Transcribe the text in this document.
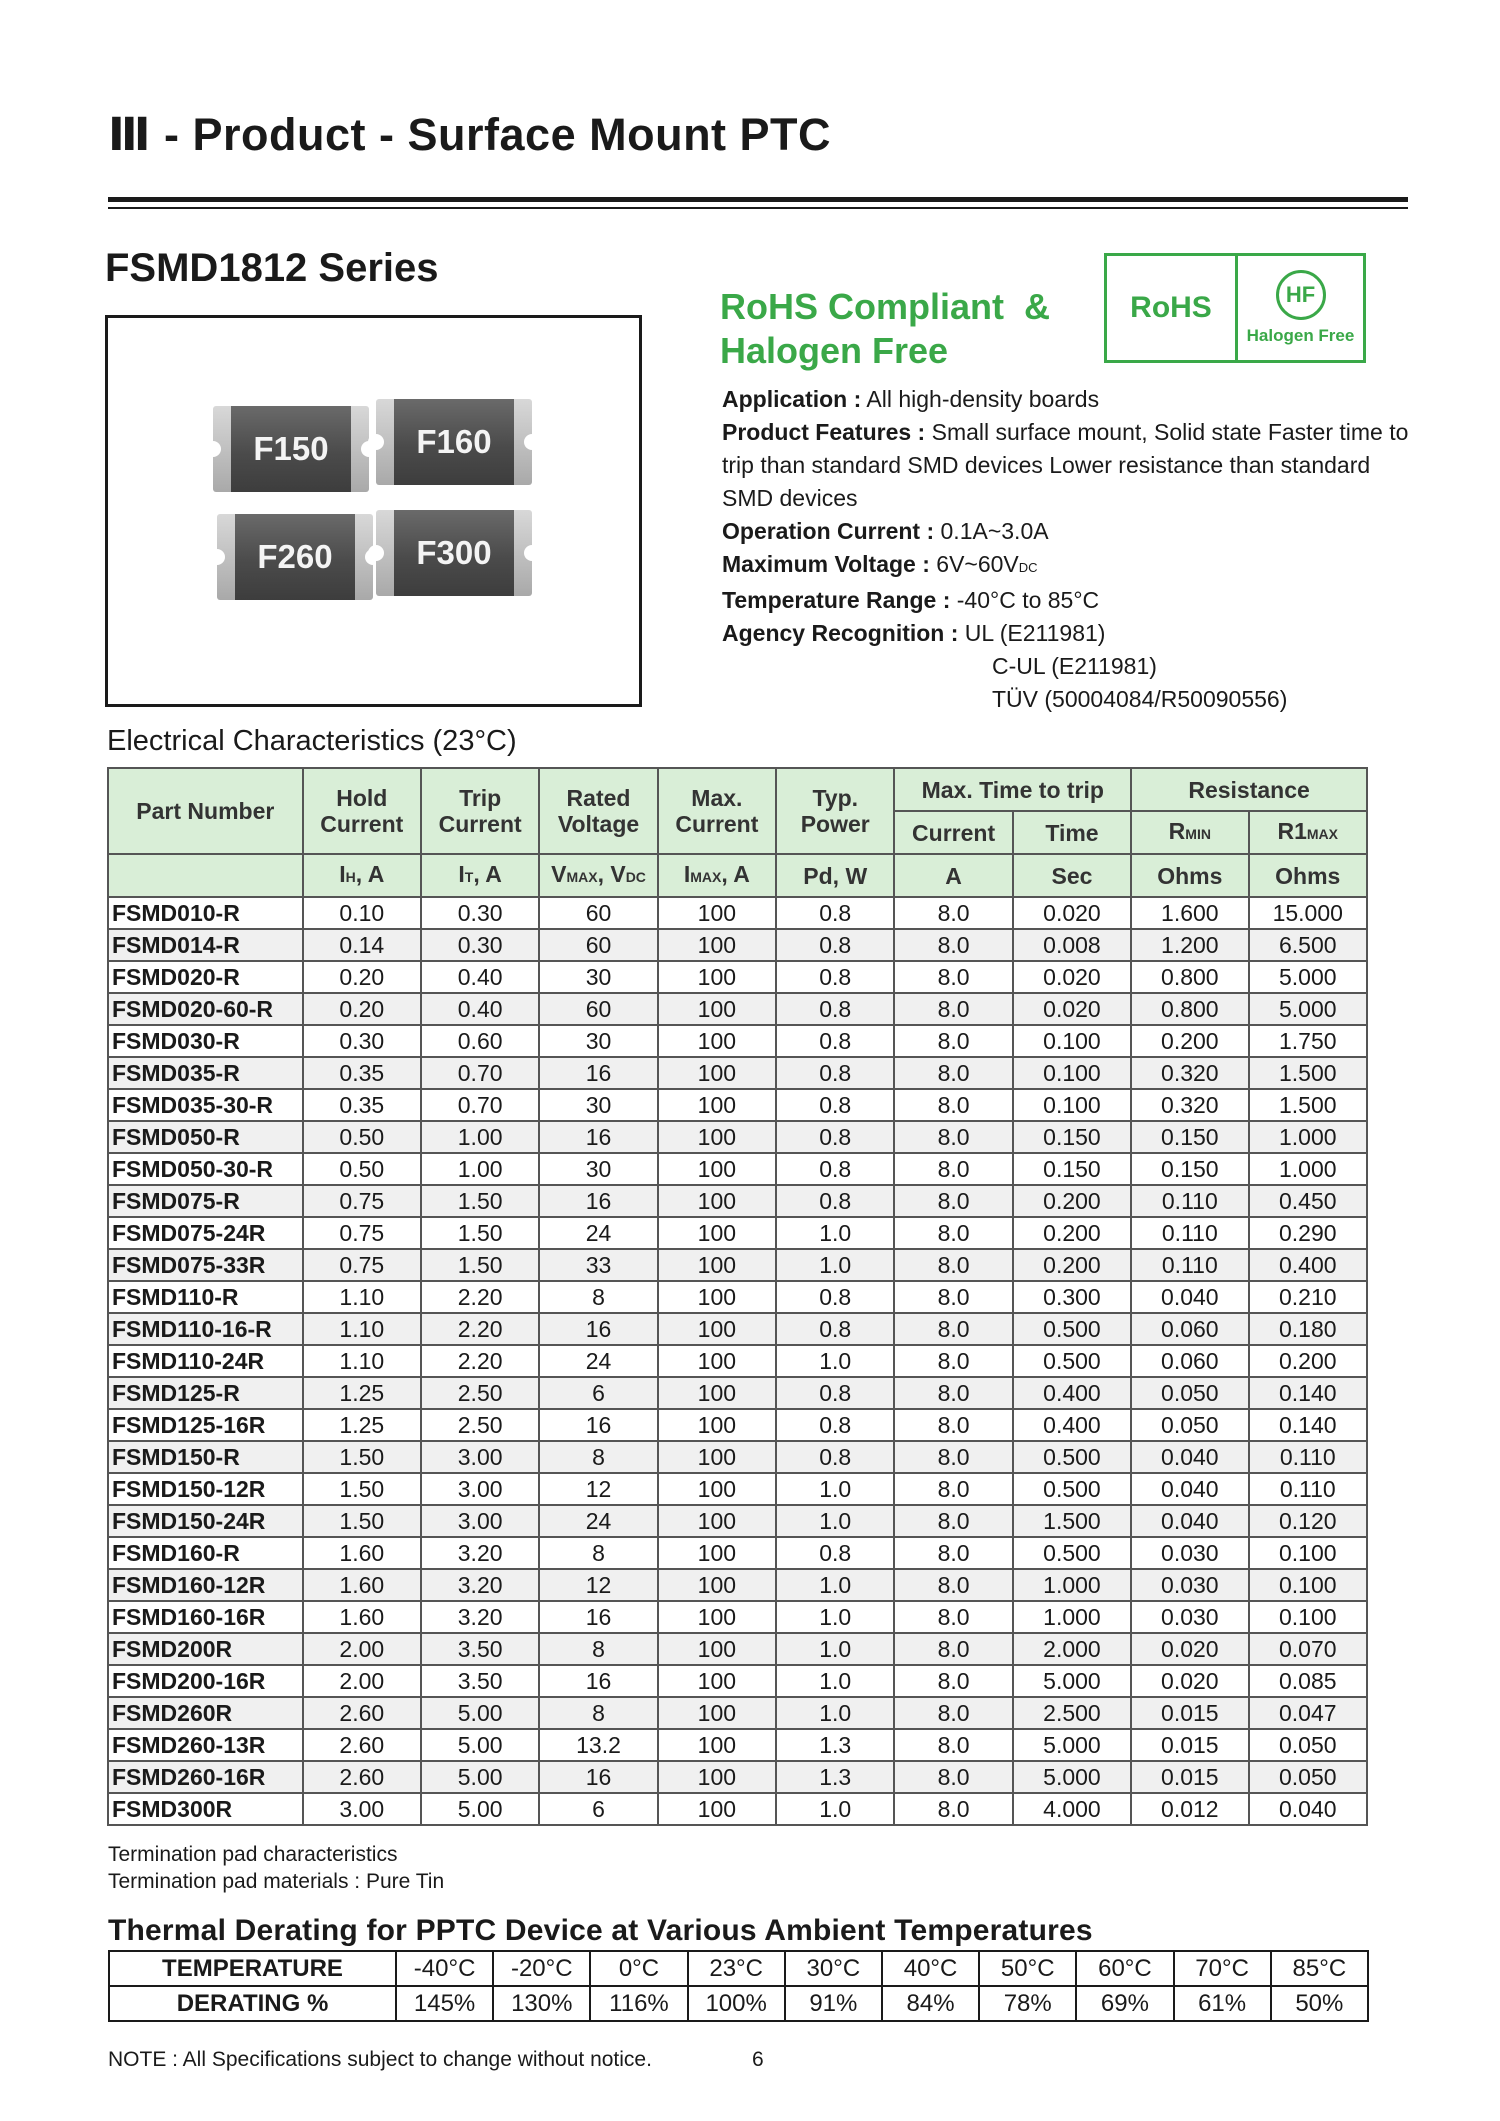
Ⅲ - Product - Surface Mount PTC
FSMD1812 Series
F150	F160
F260	F300
RoHS Compliant  &
Halogen Free
RoHS	HF
Halogen Free
Application : All high-density boards
Product Features : Small surface mount, Solid state Faster time to trip than standard SMD devices Lower resistance than standard SMD devices
Operation Current : 0.1A~3.0A
Maximum Voltage : 6V~60VDC
Temperature Range : -40°C to 85°C
Agency Recognition : UL (E211981)
C-UL (E211981)
TÜV (50004084/R50090556)
Electrical Characteristics (23°C)
Part Number	Hold Current	Trip Current	Rated Voltage	Max. Current	Typ. Power	Max. Time to trip		Resistance	
						Current	Time	RMIN	R1MAX
	IH, A	IT, A	VMAX, VDC	IMAX, A	Pd, W	A	Sec	Ohms	Ohms
FSMD010-R	0.10	0.30	60	100	0.8	8.0	0.020	1.600	15.000
FSMD014-R	0.14	0.30	60	100	0.8	8.0	0.008	1.200	6.500
FSMD020-R	0.20	0.40	30	100	0.8	8.0	0.020	0.800	5.000
FSMD020-60-R	0.20	0.40	60	100	0.8	8.0	0.020	0.800	5.000
FSMD030-R	0.30	0.60	30	100	0.8	8.0	0.100	0.200	1.750
FSMD035-R	0.35	0.70	16	100	0.8	8.0	0.100	0.320	1.500
FSMD035-30-R	0.35	0.70	30	100	0.8	8.0	0.100	0.320	1.500
FSMD050-R	0.50	1.00	16	100	0.8	8.0	0.150	0.150	1.000
FSMD050-30-R	0.50	1.00	30	100	0.8	8.0	0.150	0.150	1.000
FSMD075-R	0.75	1.50	16	100	0.8	8.0	0.200	0.110	0.450
FSMD075-24R	0.75	1.50	24	100	1.0	8.0	0.200	0.110	0.290
FSMD075-33R	0.75	1.50	33	100	1.0	8.0	0.200	0.110	0.400
FSMD110-R	1.10	2.20	8	100	0.8	8.0	0.300	0.040	0.210
FSMD110-16-R	1.10	2.20	16	100	0.8	8.0	0.500	0.060	0.180
FSMD110-24R	1.10	2.20	24	100	1.0	8.0	0.500	0.060	0.200
FSMD125-R	1.25	2.50	6	100	0.8	8.0	0.400	0.050	0.140
FSMD125-16R	1.25	2.50	16	100	0.8	8.0	0.400	0.050	0.140
FSMD150-R	1.50	3.00	8	100	0.8	8.0	0.500	0.040	0.110
FSMD150-12R	1.50	3.00	12	100	1.0	8.0	0.500	0.040	0.110
FSMD150-24R	1.50	3.00	24	100	1.0	8.0	1.500	0.040	0.120
FSMD160-R	1.60	3.20	8	100	0.8	8.0	0.500	0.030	0.100
FSMD160-12R	1.60	3.20	12	100	1.0	8.0	1.000	0.030	0.100
FSMD160-16R	1.60	3.20	16	100	1.0	8.0	1.000	0.030	0.100
FSMD200R	2.00	3.50	8	100	1.0	8.0	2.000	0.020	0.070
FSMD200-16R	2.00	3.50	16	100	1.0	8.0	5.000	0.020	0.085
FSMD260R	2.60	5.00	8	100	1.0	8.0	2.500	0.015	0.047
FSMD260-13R	2.60	5.00	13.2	100	1.3	8.0	5.000	0.015	0.050
FSMD260-16R	2.60	5.00	16	100	1.3	8.0	5.000	0.015	0.050
FSMD300R	3.00	5.00	6	100	1.0	8.0	4.000	0.012	0.040
Termination pad characteristics
Termination pad materials : Pure Tin
Thermal Derating for PPTC Device at Various Ambient Temperatures
TEMPERATURE	-40°C	-20°C	0°C	23°C	30°C	40°C	50°C	60°C	70°C	85°C
DERATING %	145%	130%	116%	100%	91%	84%	78%	69%	61%	50%
NOTE : All Specifications subject to change without notice.	6
